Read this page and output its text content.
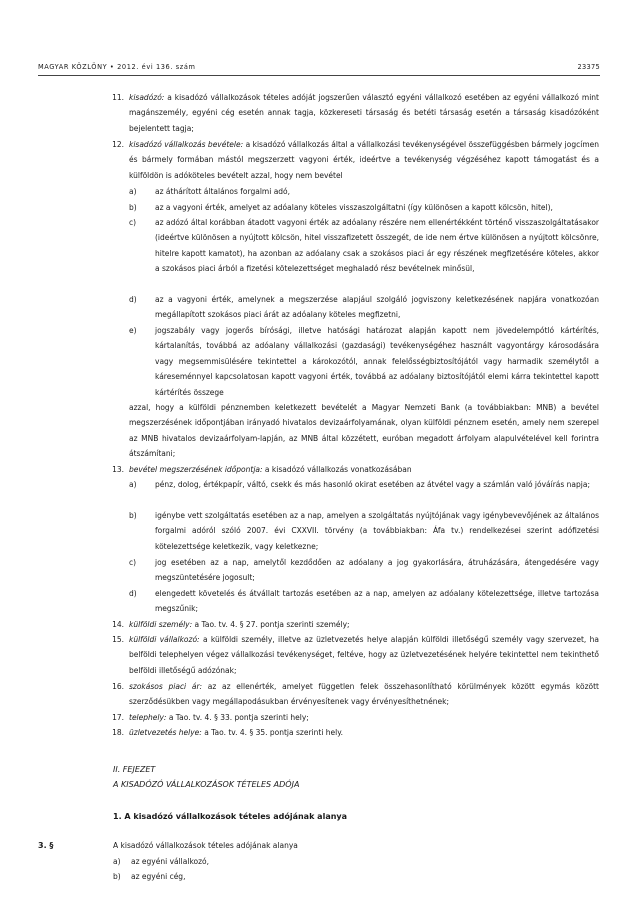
MAGYAR KÖZLÖNY • 2012. évi 136. szám	23375
11. kisadózó: a kisadózó vállalkozások tételes adóját jogszerűen választó egyéni vállalkozó esetében az egyéni vállalkozó mint magánszemély, egyéni cég esetén annak tagja, közkereseti társaság és betéti társaság esetén a társaság kisadózóként bejelentett tagja;
12. kisadózó vállalkozás bevétele: a kisadózó vállalkozás által a vállalkozási tevékenységével összefüggésben bármely jogcímen és bármely formában mástól megszerzett vagyoni érték, ideértve a tevékenység végzéséhez kapott támogatást és a külföldön is adóköteles bevételt azzal, hogy nem bevétel
a) az áthárított általános forgalmi adó,
b) az a vagyoni érték, amelyet az adóalany köteles visszaszolgáltatni (így különösen a kapott kölcsön, hitel),
c)	az adózó által korábban átadott vagyoni érték az adóalany részére nem ellenértékként történő visszaszolgáltatásakor (ideértve különösen a nyújtott kölcsön, hitel visszafizetett összegét, de ide nem értve különösen a nyújtott kölcsönre, hitelre kapott kamatot), ha azonban az adóalany csak a szokásos piaci ár egy részének megfizetésére köteles, akkor a szokásos piaci árból a fizetési kötelezettséget meghaladó rész bevételnek minősül,
d) az a vagyoni érték, amelynek a megszerzése alapjául szolgáló jogviszony keletkezésének napjára vonatkozóan megállapított szokásos piaci árát az adóalany köteles megfizetni,
e) jogszabály vagy jogerős bírósági, illetve hatósági határozat alapján kapott nem jövedelempótló kártérítés, kártalanítás, továbbá az adóalany vállalkozási (gazdasági) tevékenységéhez használt vagyontárgy károsodására vagy megsemmisülésére tekintettel a károkozótól, annak felelősségbiztosítójától vagy harmadik személytől a káreseménnyel kapcsolatosan kapott vagyoni érték, továbbá az adóalany biztosítójától elemi kárra tekintettel kapott kártérítés összege
azzal, hogy a külföldi pénznemben keletkezett bevételét a Magyar Nemzeti Bank (a továbbiakban: MNB) a bevétel megszerzésének időpontjában irányadó hivatalos devizaárfolyamának, olyan külföldi pénznem esetén, amely nem szerepel az MNB hivatalos devizaárfolyam-lapján, az MNB által közzétett, euróban megadott árfolyam alapulvételével kell forintra átszámítani;
13. bevétel megszerzésének időpontja: a kisadózó vállalkozás vonatkozásában
a) pénz, dolog, értékpapír, váltó, csekk és más hasonló okirat esetében az átvétel vagy a számlán való jóváírás napja;
b) igénybe vett szolgáltatás esetében az a nap, amelyen a szolgáltatás nyújtójának vagy igénybevevőjének az általános forgalmi adóról szóló 2007. évi CXXVII. törvény (a továbbiakban: Áfa tv.) rendelkezései szerint adófizetési kötelezettsége keletkezik, vagy keletkezne;
c)	jog esetében az a nap, amelytől kezdődően az adóalany a jog gyakorlására, átruházására, átengedésére vagy megszüntetésére jogosult;
d) elengedett követelés és átvállalt tartozás esetében az a nap, amelyen az adóalany kötelezettsége, illetve tartozása megszűnik;
14. külföldi személy: a Tao. tv. 4. § 27. pontja szerinti személy;
15. külföldi vállalkozó: a külföldi személy, illetve az üzletvezetés helye alapján külföldi illetőségű személy vagy szervezet, ha belföldi telephelyen végez vállalkozási tevékenységet, feltéve, hogy az üzletvezetésének helyére tekintettel nem tekinthető belföldi illetőségű adózónak;
16. szokásos piaci ár: az az ellenérték, amelyet független felek összehasonlítható körülmények között egymás között szerződésükben vagy megállapodásukban érvényesítenek vagy érvényesíthetnének;
17. telephely: a Tao. tv. 4. § 33. pontja szerinti hely;
18. üzletvezetés helye: a Tao. tv. 4. § 35. pontja szerinti hely.
II. FEJEZET
A KISADÓZÓ VÁLLALKOZÁSOK TÉTELES ADÓJA
1. A kisadózó vállalkozások tételes adójának alanya
3. §	A kisadózó vállalkozások tételes adójának alanya
a) az egyéni vállalkozó,
b) az egyéni cég,
